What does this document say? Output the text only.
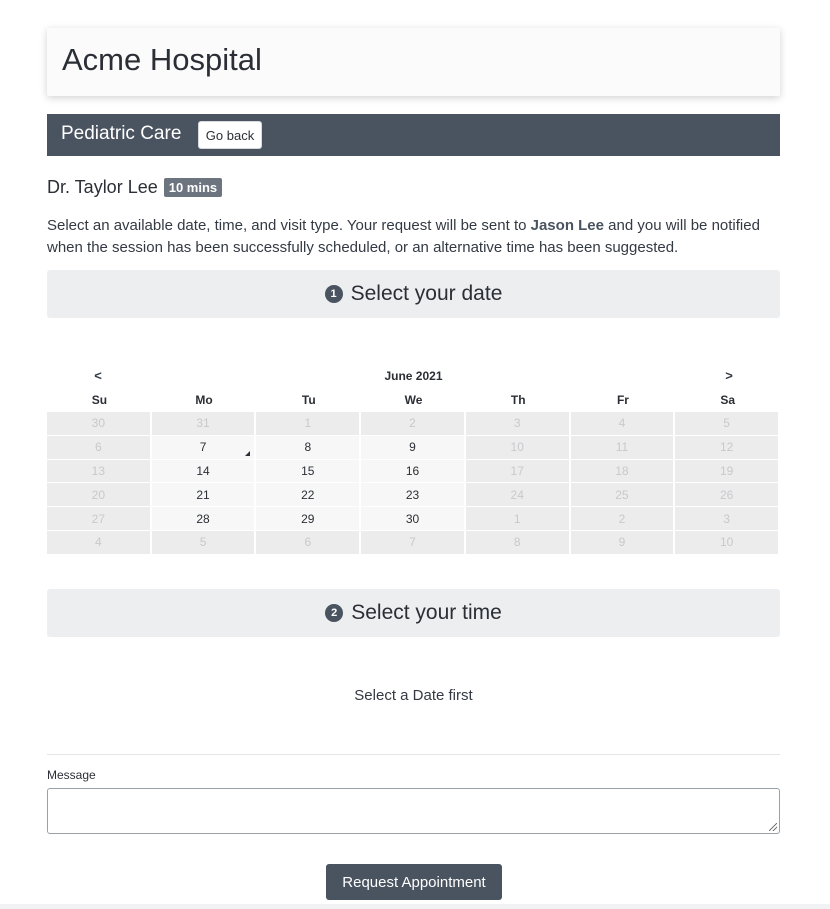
Acme Hospital
Pediatric Care	Go back
Dr. Taylor Lee 10 mins
Select an available date, time, and visit type. Your request will be sent to Jason Lee and you will be notified when the session has been successfully scheduled, or an alternative time has been suggested.
1 Select your date
<	June 2021	>
Su	Mo	Tu	We	Th	Fr	Sa
30	31	1	2	3	4	5
6	7	8	9	10	11	12
13	14	15	16	17	18	19
20	21	22	23	24	25	26
27	28	29	30	1	2	3
4	5	6	7	8	9	10
2 Select your time
Select a Date first
Message
Request Appointment
